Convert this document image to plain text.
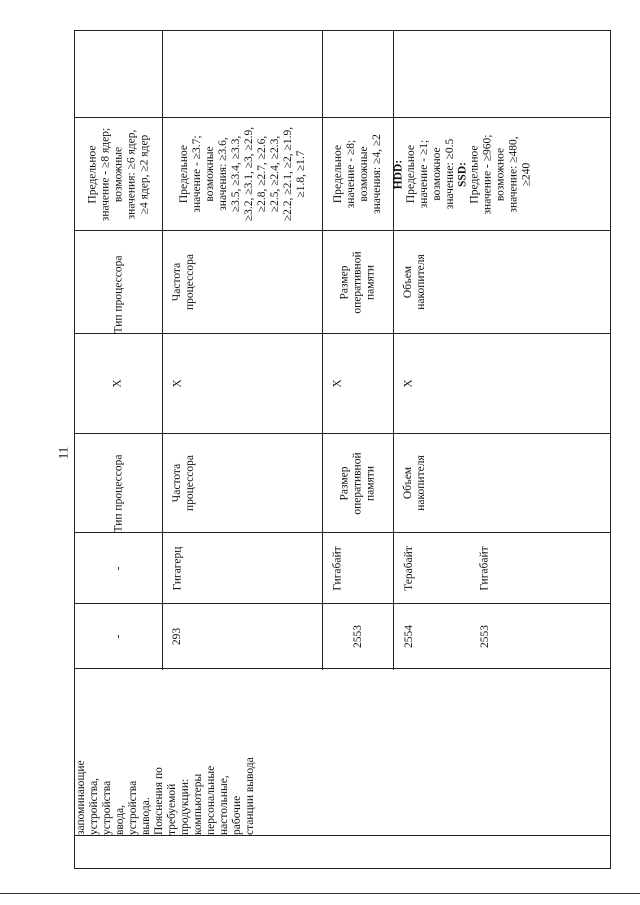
запоминающие
устройства,
устройства
ввода,
устройства
вывода.
Пояснения по
требуемой
продукции:
компьютеры
персональные
настольные,
рабочие
станции вывода
-
-
Тип процессора
X
Тип процессора
Предельное
значение - ≥8 ядер;
возможные
значения: ≥6 ядер,
≥4 ядер, ≥2 ядер
293
Гигагерц
Частота
процессора
X
Частота
процессора
Предельное
значение - ≥3.7;
возможные
значения: ≥3.6,
≥3.5, ≥3.4, ≥3.3,
≥3.2, ≥3.1, ≥3, ≥2.9,
≥2.8, ≥2.7, ≥2.6,
≥2.5, ≥2.4, ≥2.3,
≥2.2, ≥2.1, ≥2, ≥1.9,
≥1.8, ≥1.7
2553
Гигабайт
Размер
оперативной
памяти
X
Размер
оперативной
памяти
Предельное
значение - ≥8;
возможные
значения: ≥4, ≥2
2554	2553
Терабайт	Гигабайт
Объем
накопителя
X
Объем
накопителя
HDD: Предельное
значение - ≥1;
возможное
значение: ≥0.5
SSD: Предельное
значение - ≥960;
возможное
значение: ≥480,
≥240
11
